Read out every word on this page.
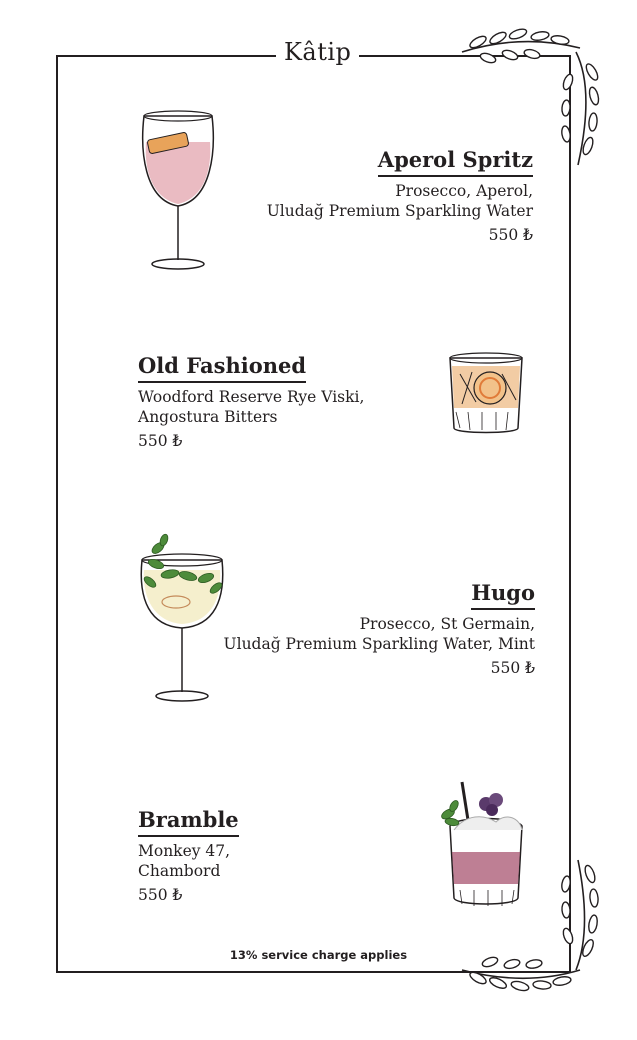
Kâtip
Aperol Spritz
Prosecco, Aperol,
Uludağ Premium Sparkling Water
550 ₺
Old Fashioned
Woodford Reserve Rye Viski,
Angostura Bitters
550 ₺
Hugo
Prosecco, St Germain,
Uludağ Premium Sparkling Water, Mint
550 ₺
Bramble
Monkey 47,
Chambord
550 ₺
13% service charge applies
